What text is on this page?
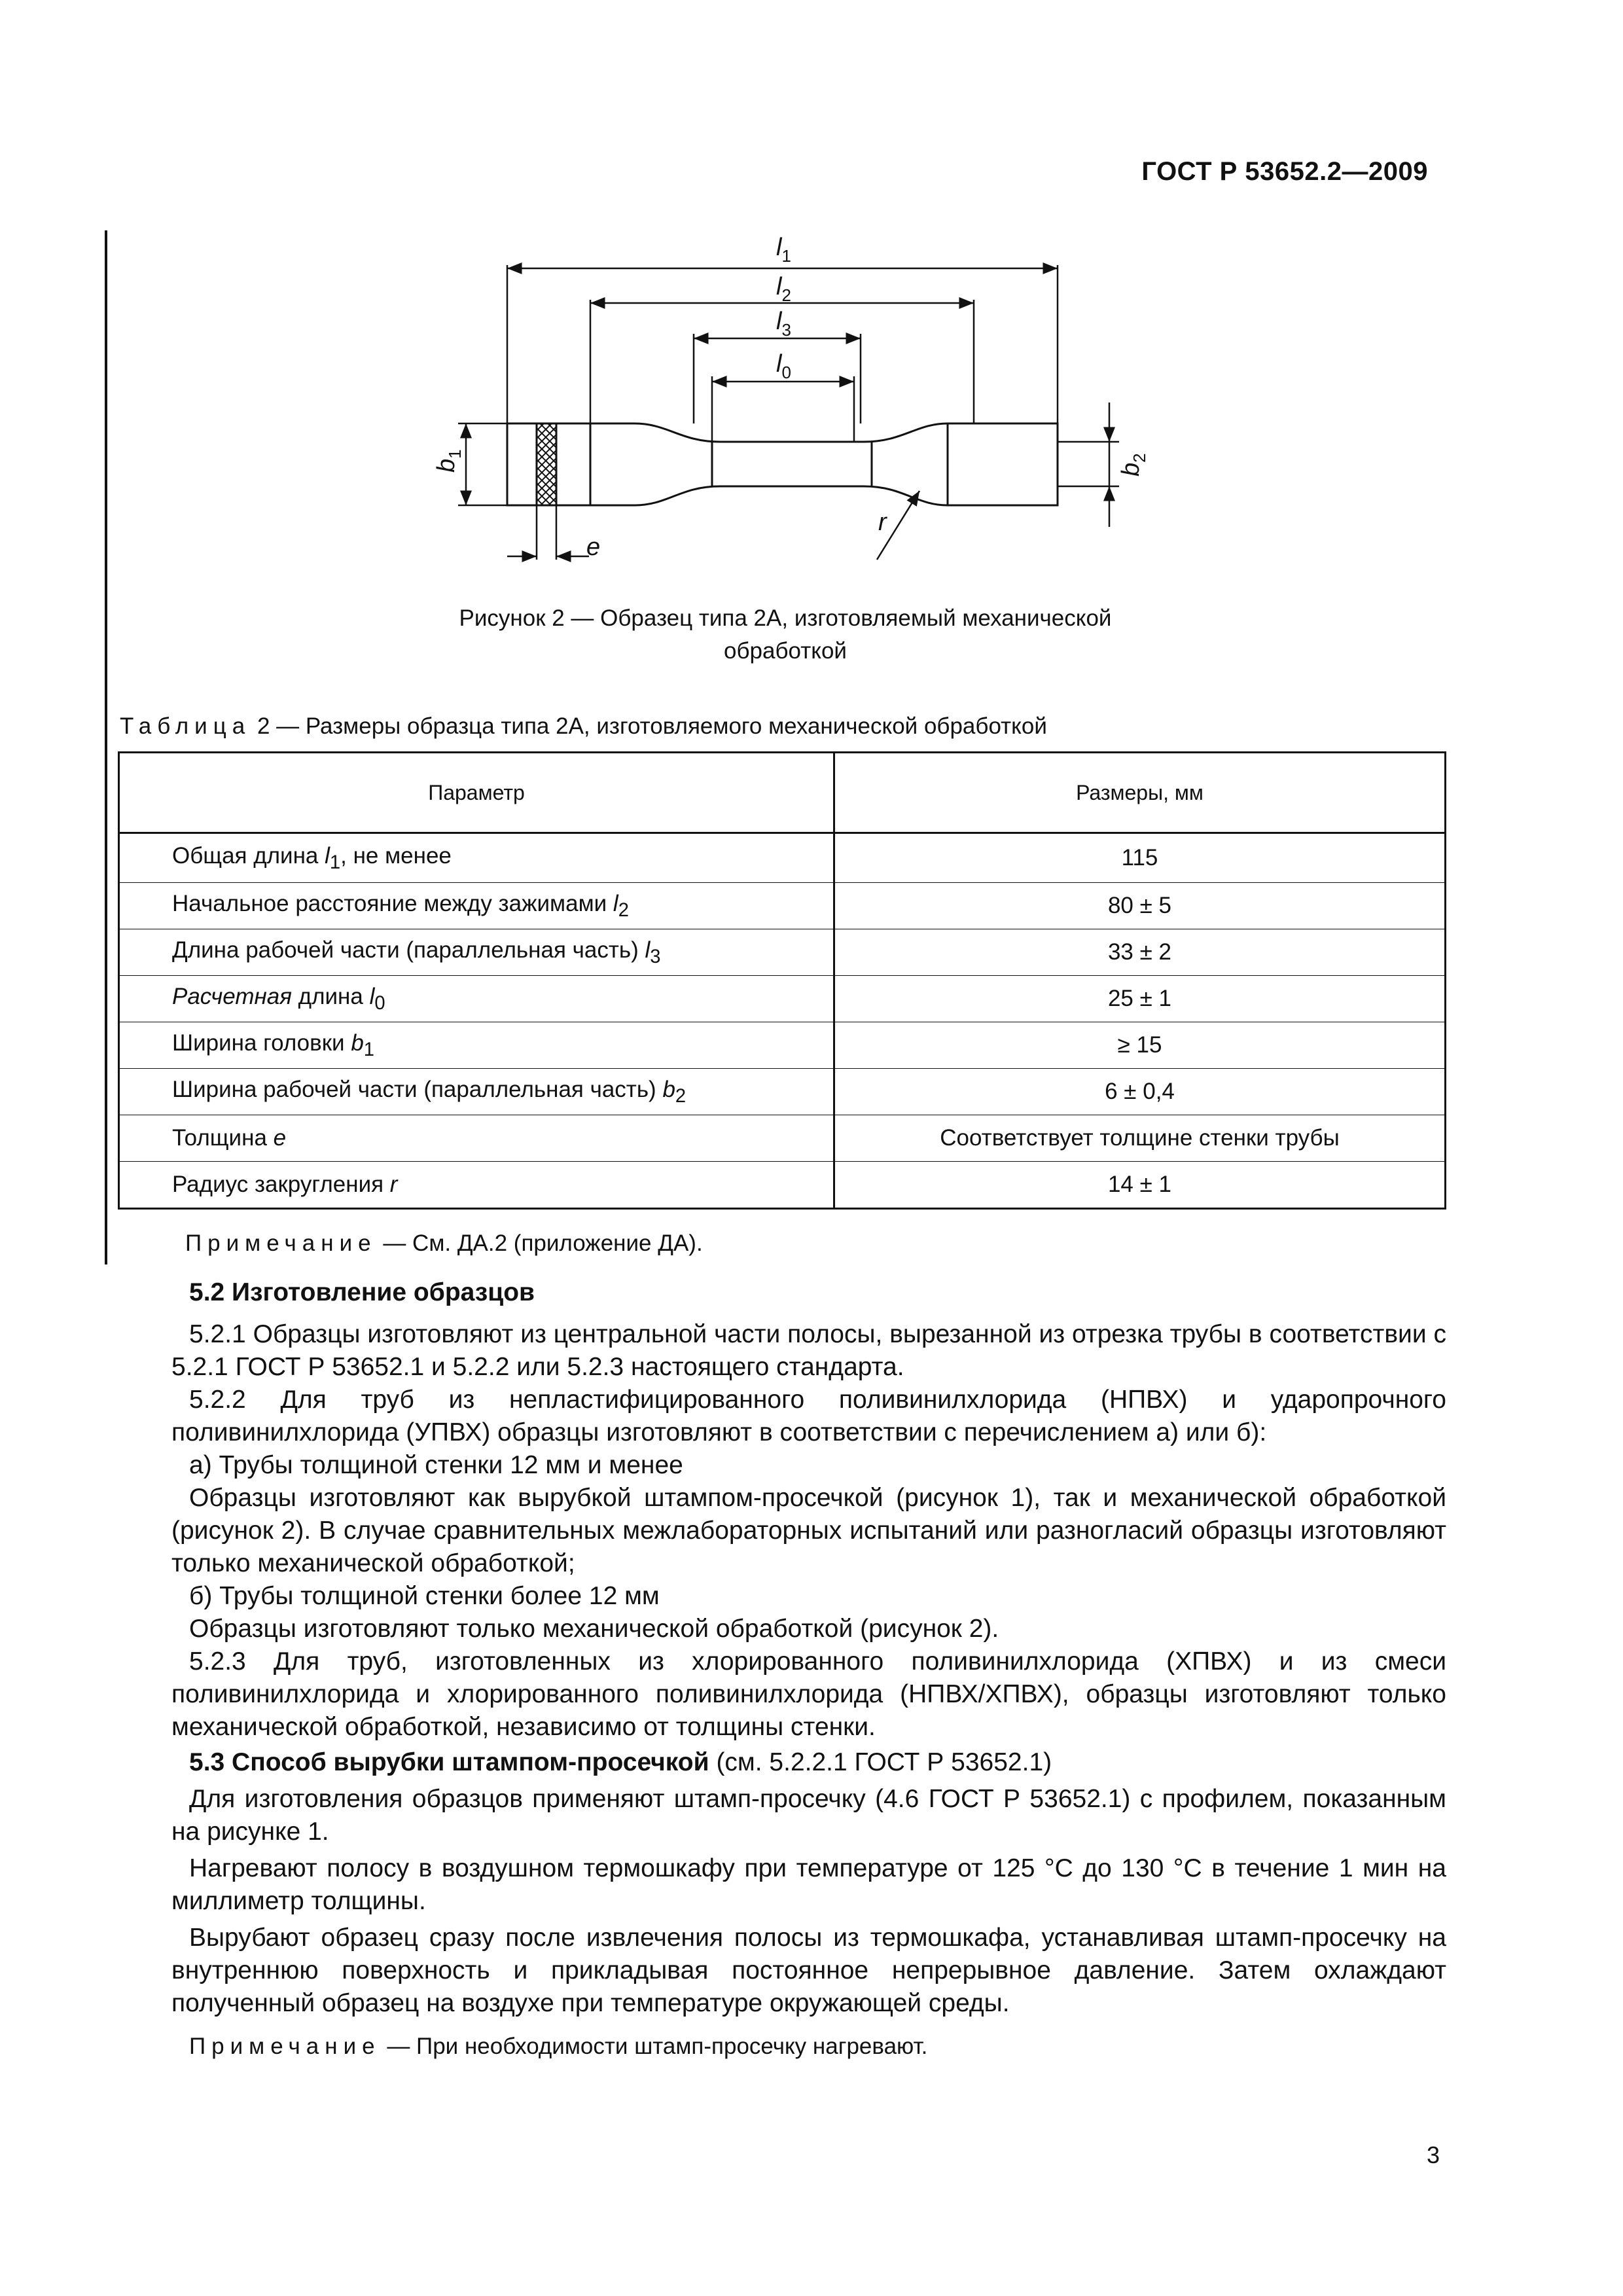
ГОСТ Р 53652.2—2009
$l_1$
$l_2$
$l_3$
$l_0$
e
r
$b_1$
$b_2$
Рисунок 2 — Образец типа 2А, изготовляемый механической
обработкой
Таблица 2 — Размеры образца типа 2А, изготовляемого механической обработкой
Параметр	Размеры, мм
Общая длина $l_1$, не менее	115
Начальное расстояние между зажимами $l_2$	80 ± 5
Длина рабочей части (параллельная часть) $l_3$	33 ± 2
Расчетная длина $l_0$	25 ± 1
Ширина головки $b_1$	≥ 15
Ширина рабочей части (параллельная часть) $b_2$	6 ± 0,4
Толщина e	Соответствует толщине стенки трубы
Радиус закругления r	14 ± 1
Примечание — См. ДА.2 (приложение ДА).
5.2 Изготовление образцов
5.2.1 Образцы изготовляют из центральной части полосы, вырезанной из отрезка трубы в соответствии с 5.2.1 ГОСТ Р 53652.1 и 5.2.2 или 5.2.3 настоящего стандарта.
5.2.2 Для труб из непластифицированного поливинилхлорида (НПВХ) и ударопрочного поливинилхлорида (УПВХ) образцы изготовляют в соответствии с перечислением а) или б):
а) Трубы толщиной стенки 12 мм и менее
Образцы изготовляют как вырубкой штампом-просечкой (рисунок 1), так и механической обработкой (рисунок 2). В случае сравнительных межлабораторных испытаний или разногласий образцы изготовляют только механической обработкой;
б) Трубы толщиной стенки более 12 мм
Образцы изготовляют только механической обработкой (рисунок 2).
5.2.3 Для труб, изготовленных из хлорированного поливинилхлорида (ХПВХ) и из смеси поливинилхлорида и хлорированного поливинилхлорида (НПВХ/ХПВХ), образцы изготовляют только механической обработкой, независимо от толщины стенки.
5.3 Способ вырубки штампом-просечкой (см. 5.2.2.1 ГОСТ Р 53652.1)
Для изготовления образцов применяют штамп-просечку (4.6 ГОСТ Р 53652.1) с профилем, показанным на рисунке 1.
Нагревают полосу в воздушном термошкафу при температуре от 125 °С до 130 °С в течение 1 мин на миллиметр толщины.
Вырубают образец сразу после извлечения полосы из термошкафа, устанавливая штамп-просечку на внутреннюю поверхность и прикладывая постоянное непрерывное давление. Затем охлаждают полученный образец на воздухе при температуре окружающей среды.
Примечание — При необходимости штамп-просечку нагревают.
3
